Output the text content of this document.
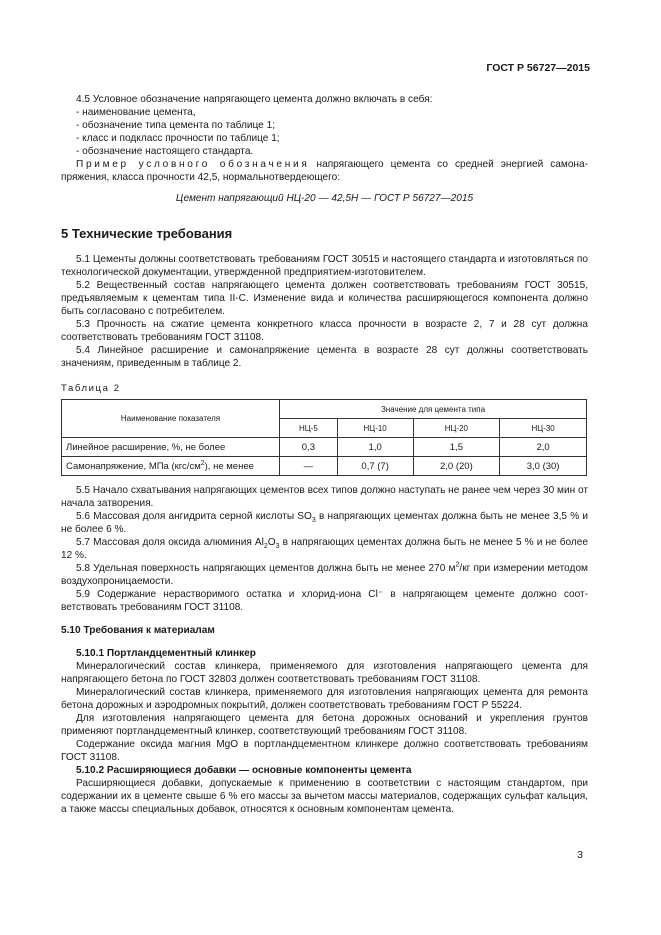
ГОСТ Р 56727—2015

4.5 Условное обозначение напрягающего цемента должно включать в себя:

- наименование цемента,

- обозначение типа цемента по таблице 1;

- класс и подкласс прочности по таблице 1;

- обозначение настоящего стандарта.

Пример условного обозначения напрягающего цемента со средней энергией самонапряжения, класса прочности 42,5, нормальнотвердеющего:

Цемент напрягающий НЦ-20 — 42,5Н — ГОСТ Р 56727—2015

5 Технические требования

5.1 Цементы должны соответствовать требованиям ГОСТ 30515 и настоящего стандарта и изготовляться по технологической документации, утвержденной предприятием-изготовителем.

5.2 Вещественный состав напрягающего цемента должен соответствовать требованиям ГОСТ 30515, предъявляемым к цементам типа II-C. Изменение вида и количества расширяющегося компонента должно быть согласовано с потребителем.

5.3 Прочность на сжатие цемента конкретного класса прочности в возрасте 2, 7 и 28 сут должна соответствовать требованиям ГОСТ 31108.

5.4 Линейное расширение и самонапряжение цемента в возрасте 28 сут должны соответствовать значениям, приведенным в таблице 2.

Таблица 2
Наименование показателя	Значение для цемента типа			
	НЦ-5	НЦ-10	НЦ-20	НЦ-30
Линейное расширение, %, не более	0,3	1,0	1,5	2,0
Самонапряжение, МПа $(кгс/см^2)$, не менее	—	0,7 (7)	2,0 (20)	3,0 (30)

5.5 Начало схватывания напрягающих цементов всех типов должно наступать не ранее чем через 30 мин от начала затворения.

5.6 Массовая доля ангидрита серной кислоты $SO_3$ в напрягающих цементах должна быть не менее 3,5 % и не более 6 %.

5.7 Массовая доля оксида алюминия $Al_2O_3$ в напрягающих цементах должна быть не менее 5 % и не более 12 %.

5.8 Удельная поверхность напрягающих цементов должна быть не менее 270 $м^2/кг$ при измерении методом воздухопроницаемости.

5.9 Содержание нерастворимого остатка и хлорид-иона Cl⁻ в напрягающем цементе должно соответствовать требованиям ГОСТ 31108.

5.10 Требования к материалам

5.10.1 Портландцементный клинкер

Минералогический состав клинкера, применяемого для изготовления напрягающего цемента для напрягающего бетона по ГОСТ 32803 должен соответствовать требованиям ГОСТ 31108.

Минералогический состав клинкера, применяемого для изготовления напрягающих цемента для ремонта бетона дорожных и аэродромных покрытий, должен соответствовать требованиям ГОСТ Р 55224.

Для изготовления напрягающего цемента для бетона дорожных оснований и укрепления грунтов применяют портландцементный клинкер, соответствующий требованиям ГОСТ 31108.

Содержание оксида магния MgO в портландцементном клинкере должно соответствовать требованиям ГОСТ 31108.

5.10.2 Расширяющиеся добавки — основные компоненты цемента

Расширяющиеся добавки, допускаемые к применению в соответствии с настоящим стандартом, при содержании их в цементе свыше 6 % его массы за вычетом массы материалов, содержащих сульфат кальция, а также массы специальных добавок, относятся к основным компонентам цемента.

3
